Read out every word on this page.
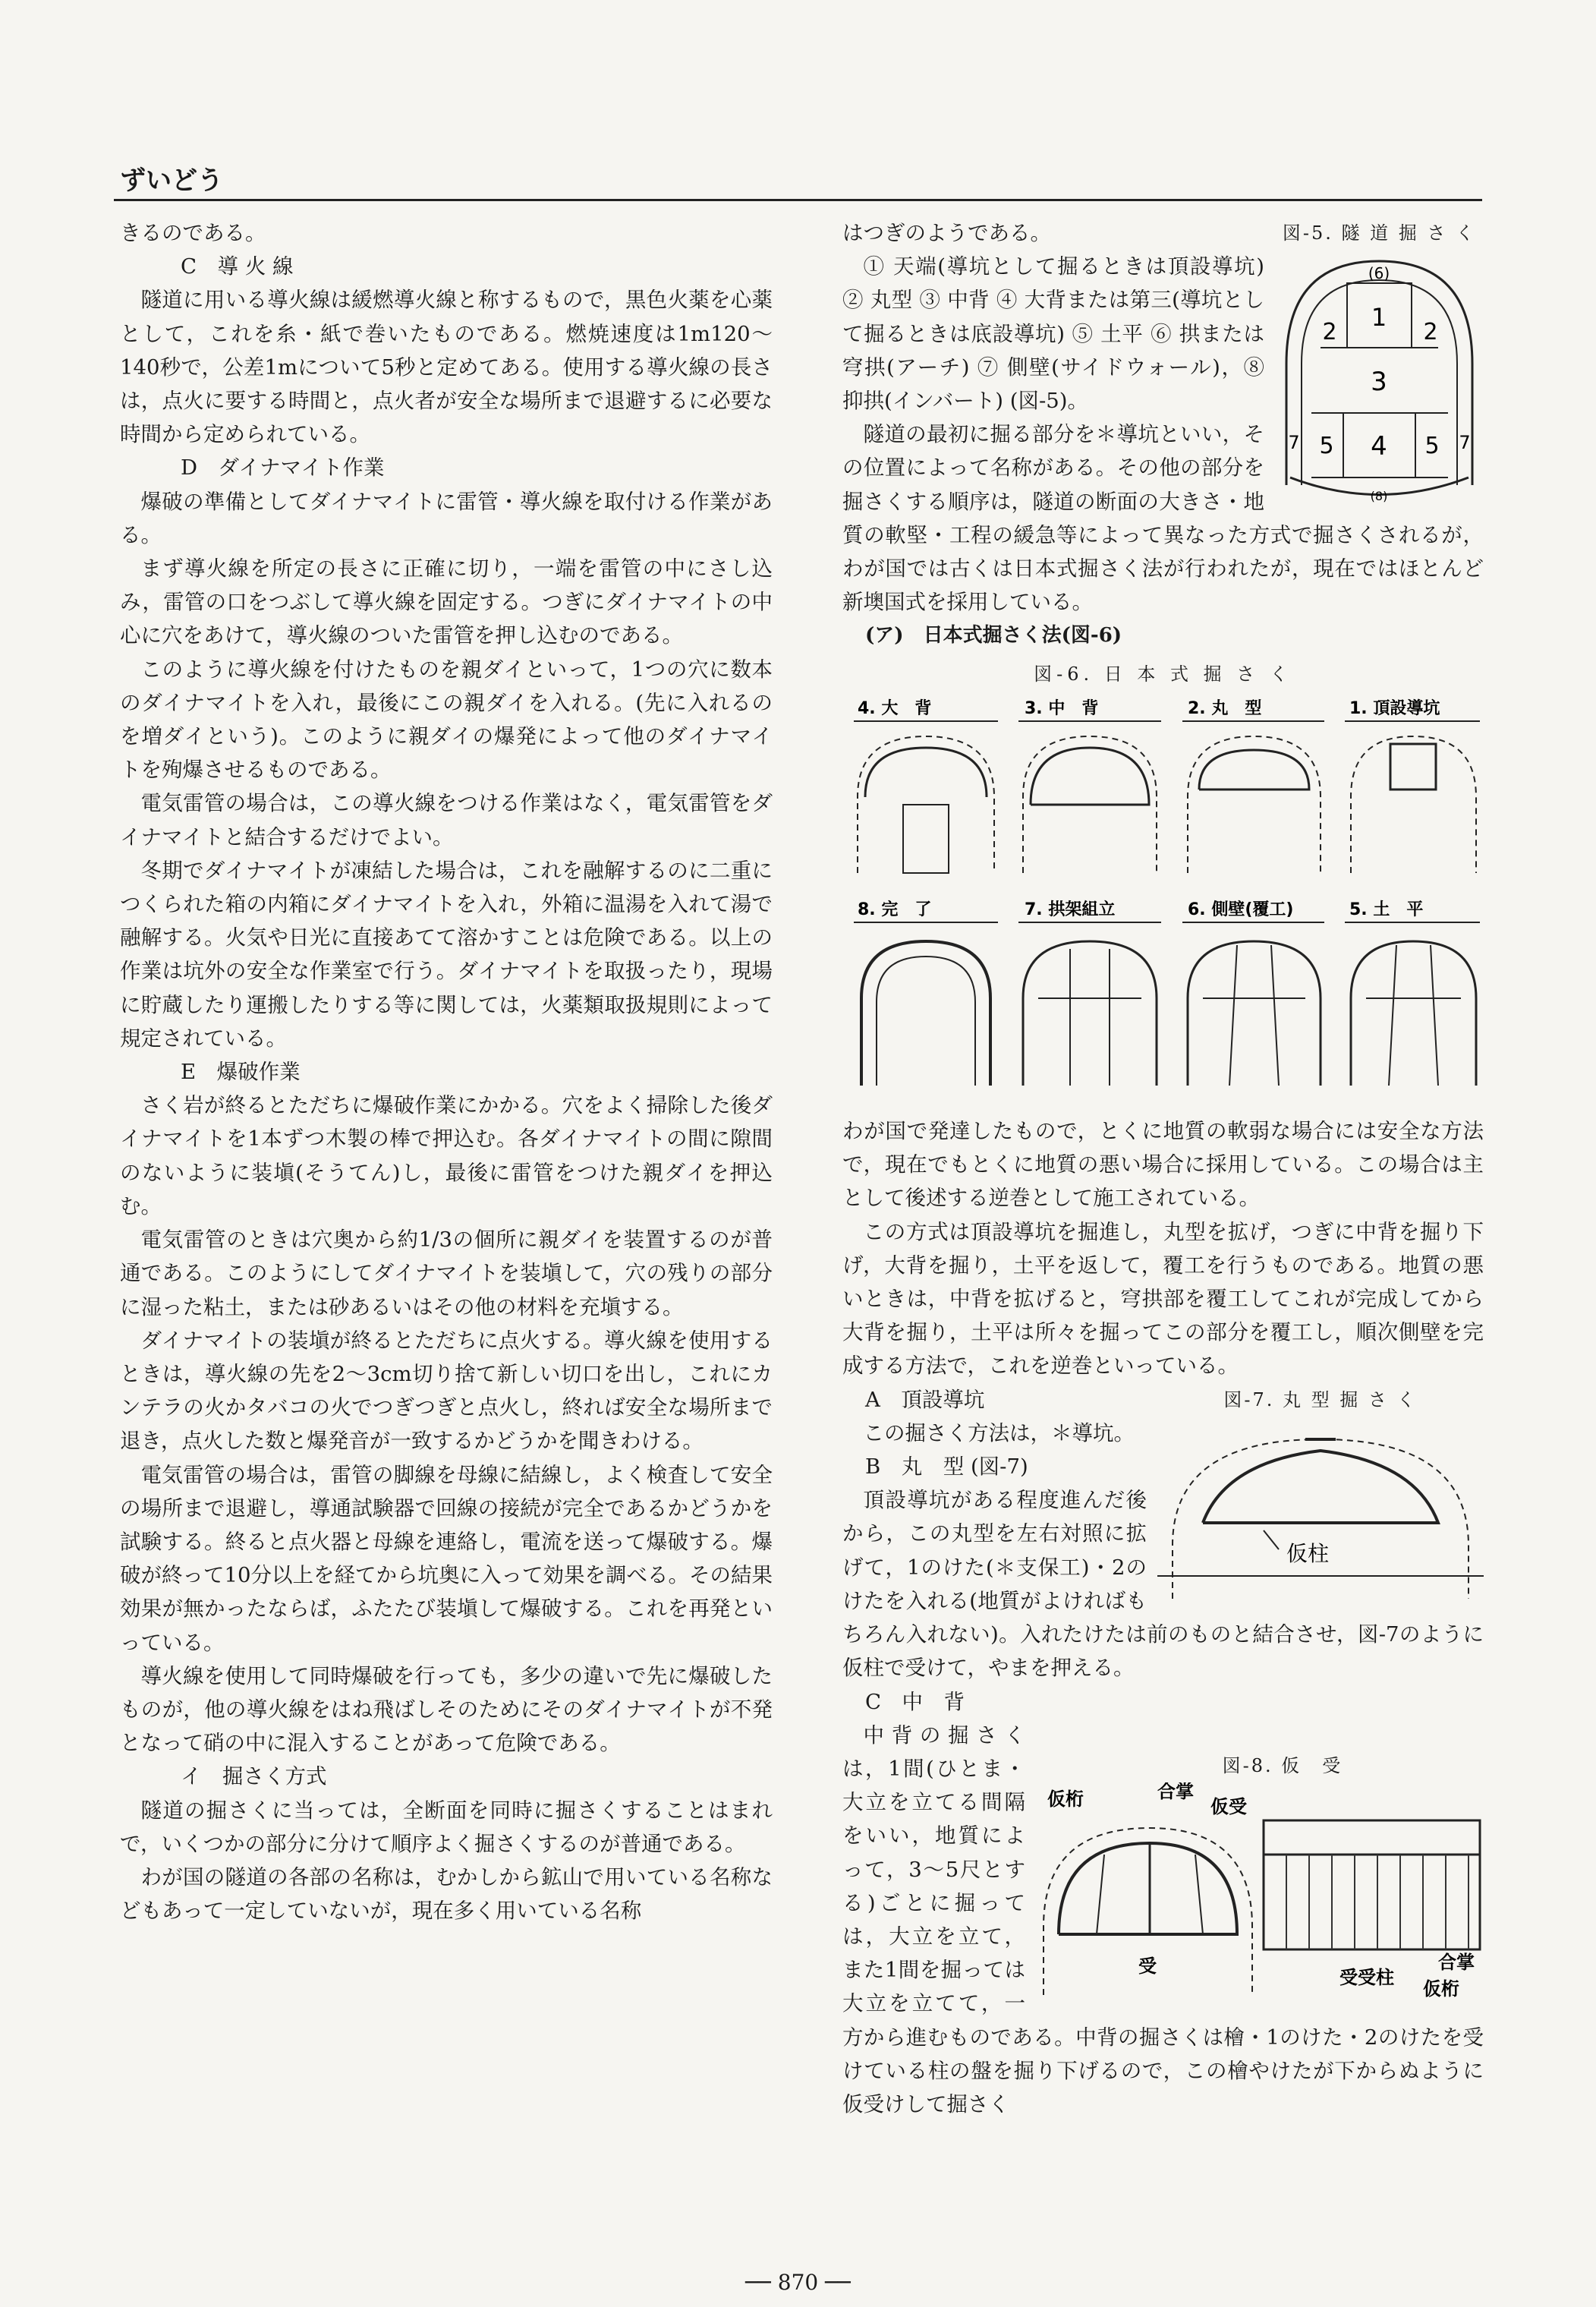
ずいどう

きるのである。

C　導 火 線

隧道に用いる導火線は緩燃導火線と称するもので，黒色火薬を心薬として，これを糸・紙で巻いたものである。燃焼速度は1m120〜140秒で，公差1mについて5秒と定めてある。使用する導火線の長さは，点火に要する時間と，点火者が安全な場所まで退避するに必要な時間から定められている。

D　ダイナマイト作業

爆破の準備としてダイナマイトに雷管・導火線を取付ける作業がある。

まず導火線を所定の長さに正確に切り，一端を雷管の中にさし込み，雷管の口をつぶして導火線を固定する。つぎにダイナマイトの中心に穴をあけて，導火線のついた雷管を押し込むのである。

このように導火線を付けたものを親ダイといって，1つの穴に数本のダイナマイトを入れ，最後にこの親ダイを入れる。(先に入れるのを増ダイという)。このように親ダイの爆発によって他のダイナマイトを殉爆させるものである。

電気雷管の場合は，この導火線をつける作業はなく，電気雷管をダイナマイトと結合するだけでよい。

冬期でダイナマイトが凍結した場合は，これを融解するのに二重につくられた箱の内箱にダイナマイトを入れ，外箱に温湯を入れて湯で融解する。火気や日光に直接あてて溶かすことは危険である。以上の作業は坑外の安全な作業室で行う。ダイナマイトを取扱ったり，現場に貯蔵したり運搬したりする等に関しては，火薬類取扱規則によって規定されている。

E　爆破作業

さく岩が終るとただちに爆破作業にかかる。穴をよく掃除した後ダイナマイトを1本ずつ木製の棒で押込む。各ダイナマイトの間に隙間のないように装塡(そうてん)し，最後に雷管をつけた親ダイを押込む。

電気雷管のときは穴奥から約1/3の個所に親ダイを装置するのが普通である。このようにしてダイナマイトを装塡して，穴の残りの部分に湿った粘土，または砂あるいはその他の材料を充塡する。

ダイナマイトの装塡が終るとただちに点火する。導火線を使用するときは，導火線の先を2〜3cm切り捨て新しい切口を出し，これにカンテラの火かタバコの火でつぎつぎと点火し，終れば安全な場所まで退き，点火した数と爆発音が一致するかどうかを聞きわける。

電気雷管の場合は，雷管の脚線を母線に結線し，よく検査して安全の場所まで退避し，導通試験器で回線の接続が完全であるかどうかを試験する。終ると点火器と母線を連絡し，電流を送って爆破する。爆破が終って10分以上を経てから坑奥に入って効果を調べる。その結果効果が無かったならば，ふたたび装塡して爆破する。これを再発といっている。

導火線を使用して同時爆破を行っても，多少の違いで先に爆破したものが，他の導火線をはね飛ばしそのためにそのダイナマイトが不発となって硝の中に混入することがあって危険である。

イ　掘さく方式

隧道の掘さくに当っては，全断面を同時に掘さくすることはまれで，いくつかの部分に分けて順序よく掘さくするのが普通である。

わが国の隧道の各部の名称は，むかしから鉱山で用いている名称などもあって一定していないが，現在多く用いている名称

図-5. 隧 道 掘 さ く
(6)
1
2	2
3
7 5 4 5 7
(8)

はつぎのようである。

① 天端(導坑として掘るときは頂設導坑) ② 丸型 ③ 中背 ④ 大背または第三(導坑として掘るときは底設導坑) ⑤ 土平 ⑥ 拱または穹拱(アーチ) ⑦ 側壁(サイドウォール)，⑧ 抑拱(インバート) (図-5)。

隧道の最初に掘る部分を＊導坑といい，その位置によって名称がある。その他の部分を掘さくする順序は，隧道の断面の大きさ・地質の軟堅・工程の緩急等によって異なった方式で掘さくされるが，わが国では古くは日本式掘さく法が行われたが，現在ではほとんど新墺国式を採用している。

(ア)　日本式掘さく法(図-6)
図-6. 日 本 式 掘 さ く
4. 大　背	3. 中　背	2. 丸　型	1. 頂設導坑
8. 完　了	7. 拱架組立	6. 側壁(覆工)	5. 土　平

わが国で発達したもので，とくに地質の軟弱な場合には安全な方法で，現在でもとくに地質の悪い場合に採用している。この場合は主として後述する逆巻として施工されている。

この方式は頂設導坑を掘進し，丸型を拡げ，つぎに中背を掘り下げ，大背を掘り，土平を返して，覆工を行うものである。地質の悪いときは，中背を拡げると，穹拱部を覆工してこれが完成してから大背を掘り，土平は所々を掘ってこの部分を覆工し，順次側壁を完成する方法で，これを逆巻といっている。

図-7. 丸 型 掘 さ く
仮柱
A　頂設導坑

この掘さく方法は，＊導坑。

B　丸　型 (図-7)

頂設導坑がある程度進んだ後から，この丸型を左右対照に拡げて，1のけた(＊支保工)・2のけたを入れる(地質がよければもちろん入れない)。入れたけたは前のものと結合させ，図-7のように仮柱で受けて，やまを押える。

C　中　背
図-8. 仮　受
仮桁	合掌
仮受
受	合掌
仮桁
受受柱

中背の掘さくは，1間(ひとま・大立を立てる間隔をいい，地質によって，3〜5尺とする)ごとに掘っては，大立を立て，また1間を掘っては大立を立てて，一方から進むものである。中背の掘さくは檜・1のけた・2のけたを受けている柱の盤を掘り下げるので，この檜やけたが下からぬように仮受けして掘さく

── 870 ──
